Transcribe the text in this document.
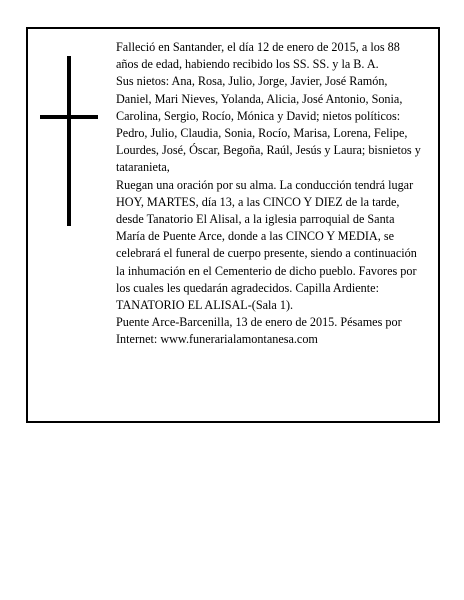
Falleció en Santander, el día 12 de enero de 2015, a los 88 años de edad, habiendo recibido los SS. SS. y la B. A.

Sus nietos: Ana, Rosa, Julio, Jorge, Javier, José Ramón, Daniel, Mari Nieves, Yolanda, Alicia, José Antonio, Sonia, Carolina, Sergio, Rocío, Mónica y David; nietos políticos: Pedro, Julio, Claudia, Sonia, Rocío, Marisa, Lorena, Felipe, Lourdes, José, Óscar, Begoña, Raúl, Jesús y Laura; bisnietos y tataranieta,

Ruegan una oración por su alma. La conducción tendrá lugar HOY, MARTES, día 13, a las CINCO Y DIEZ de la tarde, desde Tanatorio El Alisal, a la iglesia parroquial de Santa María de Puente Arce, donde a las CINCO Y MEDIA, se celebrará el funeral de cuerpo presente, siendo a continuación la inhumación en el Cementerio de dicho pueblo. Favores por los cuales les quedarán agradecidos. Capilla Ardiente: TANATORIO EL ALISAL-(Sala 1).

Puente Arce-Barcenilla, 13 de enero de 2015. Pésames por Internet: www.funerarialamontanesa.com
